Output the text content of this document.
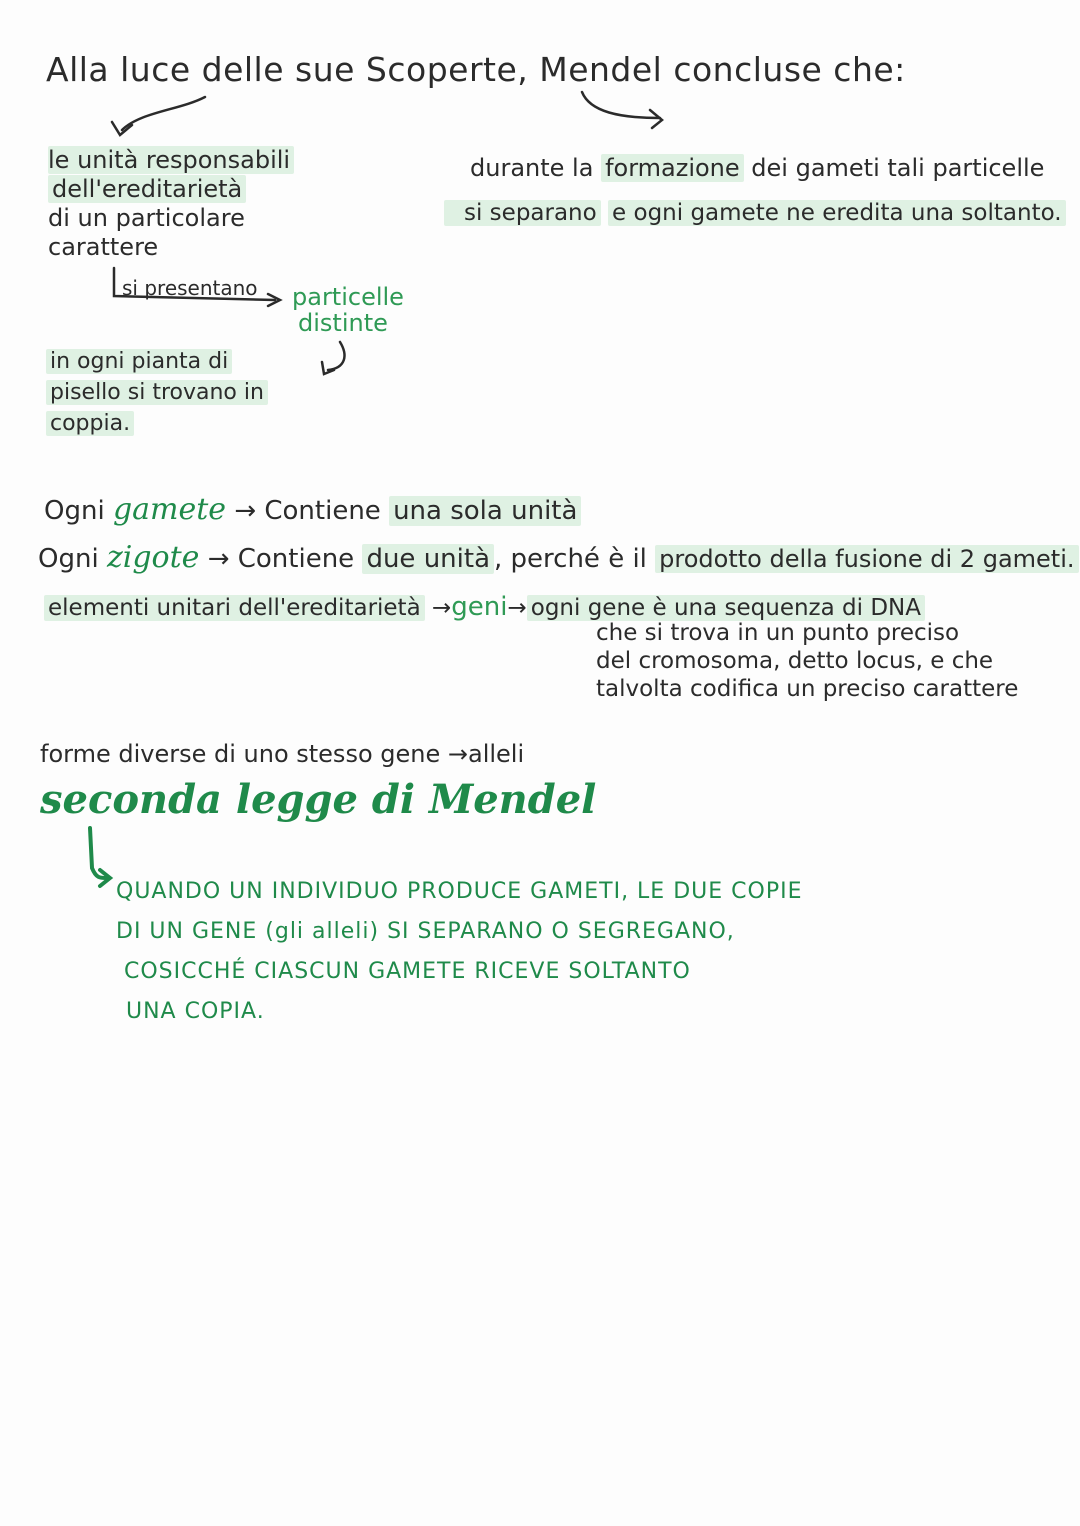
Alla luce delle sue Scoperte, Mendel concluse che:
le unità responsabili
dell'ereditarietà
di un particolare
carattere
si presentano particelle
distinte
in ogni pianta di
pisello si trovano in
coppia.
durante la formazione dei gameti tali particelle
si separano e ogni gamete ne eredita una soltanto.
Ogni gamete → Contiene una sola unità
Ogni zigote → Contiene due unità , perché è il prodotto della fusione di 2 gameti.
elementi unitari dell'ereditarietà →geni→ ogni gene è una sequenza di DNA
che si trova in un punto preciso
del cromosoma, detto locus, e che
talvolta codifica un preciso carattere
forme diverse di uno stesso gene →alleli
seconda legge di Mendel
QUANDO UN INDIVIDUO PRODUCE GAMETI, LE DUE COPIE
DI UN GENE (gli alleli) SI SEPARANO O SEGREGANO,
COSICCHÉ CIASCUN GAMETE RICEVE SOLTANTO
UNA COPIA.
